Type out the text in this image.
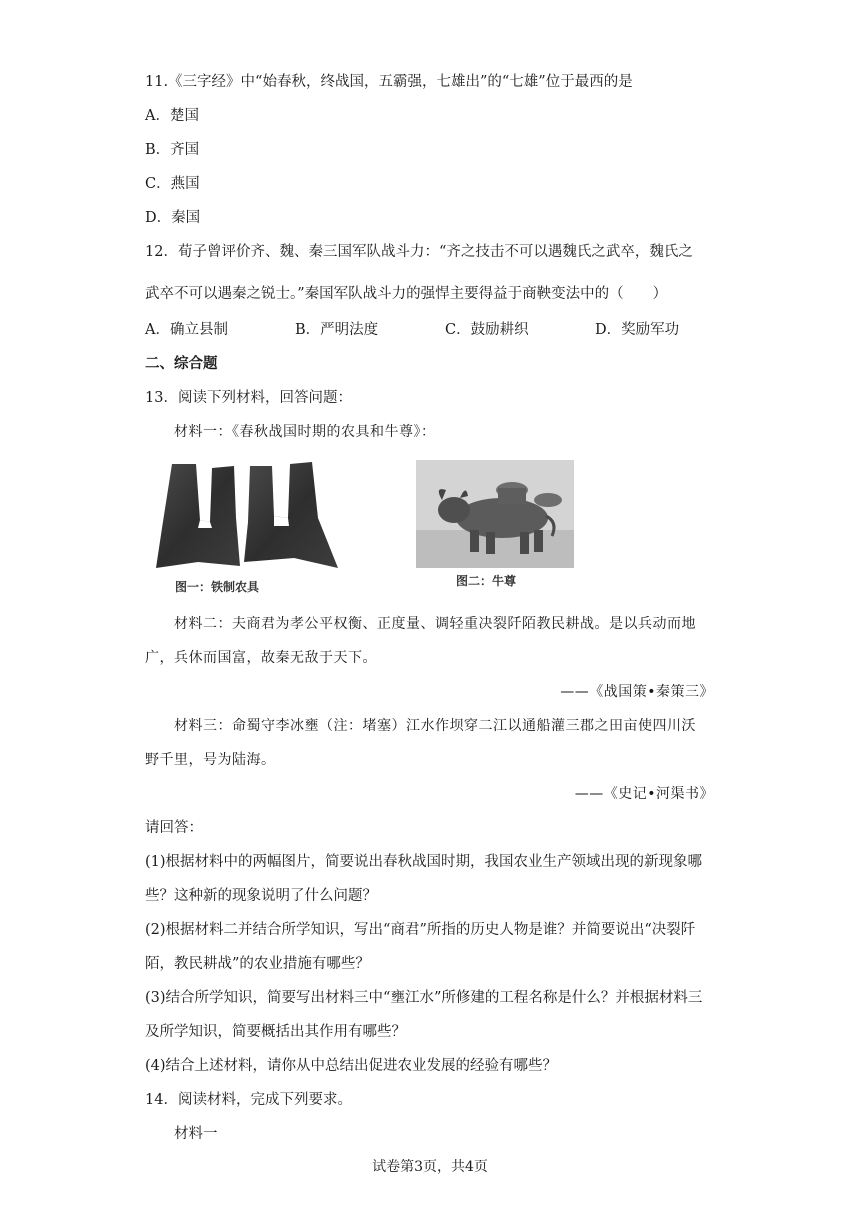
11.《三字经》中“始春秋，终战国，五霸强，七雄出”的“七雄”位于最西的是
A．楚国
B．齐国
C．燕国
D．秦国
12．荀子曾评价齐、魏、秦三国军队战斗力：“齐之技击不可以遇魏氏之武卒，魏氏之
武卒不可以遇秦之锐士。”秦国军队战斗力的强悍主要得益于商鞅变法中的（　　）
A．确立县制	B．严明法度	C．鼓励耕织	D．奖励军功
二、综合题
13．阅读下列材料，回答问题：
材料一：《春秋战国时期的农具和牛尊》：
图一：铁制农具	图二：牛尊
材料二：夫商君为孝公平权衡、正度量、调轻重决裂阡陌教民耕战。是以兵动而地
广，兵休而国富，故秦无敌于天下。
——《战国策•秦策三》
材料三：命蜀守李冰壅（注：堵塞）江水作坝穿二江以通船灌三郡之田亩使四川沃
野千里，号为陆海。
——《史记•河渠书》
请回答：
(1)根据材料中的两幅图片，简要说出春秋战国时期，我国农业生产领域出现的新现象哪
些？这种新的现象说明了什么问题？
(2)根据材料二并结合所学知识，写出“商君”所指的历史人物是谁？并简要说出“决裂阡
陌，教民耕战”的农业措施有哪些？
(3)结合所学知识，简要写出材料三中“壅江水”所修建的工程名称是什么？并根据材料三
及所学知识，简要概括出其作用有哪些？
(4)结合上述材料，请你从中总结出促进农业发展的经验有哪些？
14．阅读材料，完成下列要求。
材料一
试卷第3页，共4页
